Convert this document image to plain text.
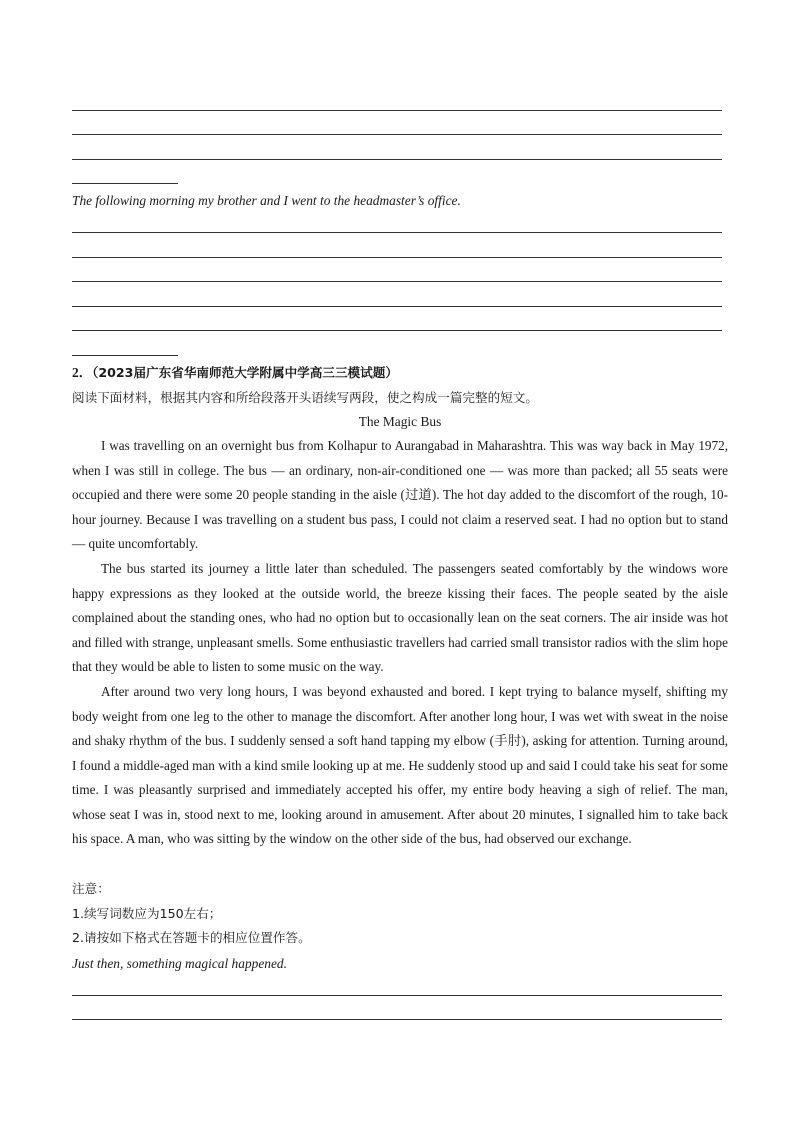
The following morning my brother and I went to the headmaster’s office.
2．（2023届广东省华南师范大学附属中学高三三模试题）
阅读下面材料，根据其内容和所给段落开头语续写两段，使之构成一篇完整的短文。
The Magic Bus
I was travelling on an overnight bus from Kolhapur to Aurangabad in Maharashtra. This was way back in May 1972, when I was still in college. The bus — an ordinary, non-air-conditioned one — was more than packed; all 55 seats were occupied and there were some 20 people standing in the aisle (过道). The hot day added to the discomfort of the rough, 10-hour journey. Because I was travelling on a student bus pass, I could not claim a reserved seat. I had no option but to stand — quite uncomfortably.
The bus started its journey a little later than scheduled. The passengers seated comfortably by the windows wore happy expressions as they looked at the outside world, the breeze kissing their faces. The people seated by the aisle complained about the standing ones, who had no option but to occasionally lean on the seat corners. The air inside was hot and filled with strange, unpleasant smells. Some enthusiastic travellers had carried small transistor radios with the slim hope that they would be able to listen to some music on the way.
After around two very long hours, I was beyond exhausted and bored. I kept trying to balance myself, shifting my body weight from one leg to the other to manage the discomfort. After another long hour, I was wet with sweat in the noise and shaky rhythm of the bus. I suddenly sensed a soft hand tapping my elbow (手肘), asking for attention. Turning around, I found a middle-aged man with a kind smile looking up at me. He suddenly stood up and said I could take his seat for some time. I was pleasantly surprised and immediately accepted his offer, my entire body heaving a sigh of relief. The man, whose seat I was in, stood next to me, looking around in amusement. After about 20 minutes, I signalled him to take back his space. A man, who was sitting by the window on the other side of the bus, had observed our exchange.
注意：
1.续写词数应为150左右；
2.请按如下格式在答题卡的相应位置作答。
Just then, something magical happened.
